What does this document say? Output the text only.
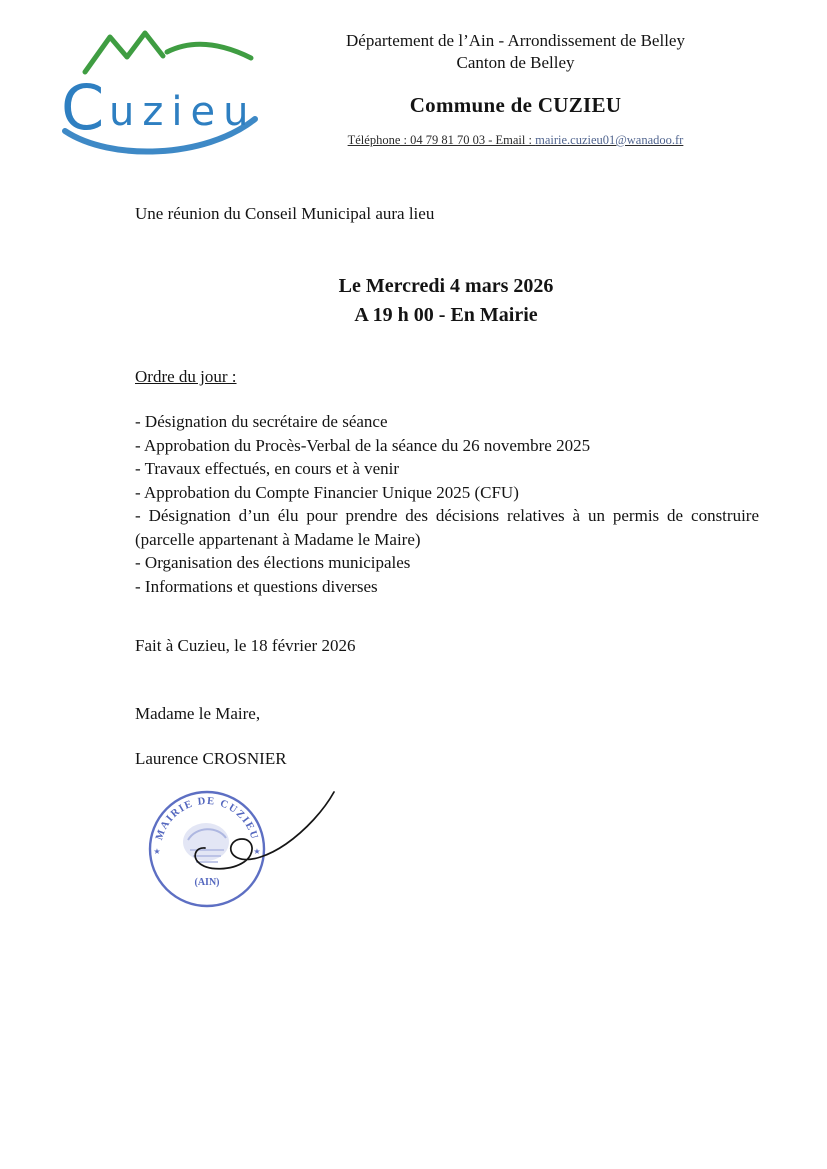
C uzieu
Département de l’Ain - Arrondissement de Belley
Canton de Belley
Commune de CUZIEU
Téléphone : 04 79 81 70 03 - Email : mairie.cuzieu01@wanadoo.fr
Une réunion du Conseil Municipal aura lieu
Le Mercredi 4 mars 2026
A 19 h 00 - En Mairie
Ordre du jour :
- Désignation du secrétaire de séance
- Approbation du Procès-Verbal de la séance du 26 novembre 2025
- Travaux effectués, en cours et à venir
- Approbation du Compte Financier Unique 2025 (CFU)
- Désignation d’un élu pour prendre des décisions relatives à un permis de construire (parcelle appartenant à Madame le Maire)
- Organisation des élections municipales
- Informations et questions diverses
Fait à Cuzieu, le 18 février 2026
Madame le Maire,
Laurence CROSNIER
MAIRIE DE CUZIEU
(AIN)
★	★
